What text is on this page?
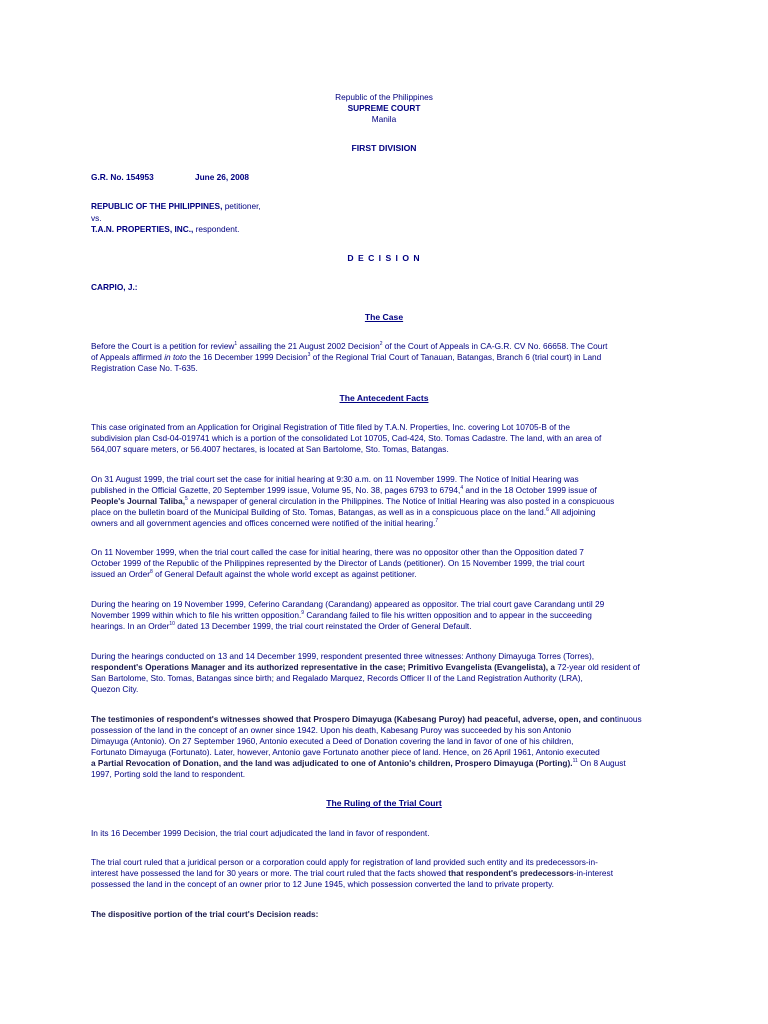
Republic of the Philippines
SUPREME COURT
Manila
FIRST DIVISION
G.R. No. 154953	June 26, 2008
REPUBLIC OF THE PHILIPPINES, petitioner,
vs.
T.A.N. PROPERTIES, INC., respondent.
D E C I S I O N
CARPIO, J.:
The Case
Before the Court is a petition for review$^1$ assailing the 21 August 2002 Decision$^2$ of the Court of Appeals in CA-G.R. CV No. 66658. The Court
of Appeals affirmed in toto the 16 December 1999 Decision$^3$ of the Regional Trial Court of Tanauan, Batangas, Branch 6 (trial court) in Land
Registration Case No. T-635.
The Antecedent Facts
This case originated from an Application for Original Registration of Title filed by T.A.N. Properties, Inc. covering Lot 10705-B of the
subdivision plan Csd-04-019741 which is a portion of the consolidated Lot 10705, Cad-424, Sto. Tomas Cadastre. The land, with an area of
564,007 square meters, or 56.4007 hectares, is located at San Bartolome, Sto. Tomas, Batangas.
On 31 August 1999, the trial court set the case for initial hearing at 9:30 a.m. on 11 November 1999. The Notice of Initial Hearing was
published in the Official Gazette, 20 September 1999 issue, Volume 95, No. 38, pages 6793 to 6794,$^4$ and in the 18 October 1999 issue of
People's Journal Taliba,$^5$ a newspaper of general circulation in the Philippines. The Notice of Initial Hearing was also posted in a conspicuous
place on the bulletin board of the Municipal Building of Sto. Tomas, Batangas, as well as in a conspicuous place on the land.$^6$ All adjoining
owners and all government agencies and offices concerned were notified of the initial hearing.$^7$
On 11 November 1999, when the trial court called the case for initial hearing, there was no oppositor other than the Opposition dated 7
October 1999 of the Republic of the Philippines represented by the Director of Lands (petitioner). On 15 November 1999, the trial court
issued an Order$^8$ of General Default against the whole world except as against petitioner.
During the hearing on 19 November 1999, Ceferino Carandang (Carandang) appeared as oppositor. The trial court gave Carandang until 29
November 1999 within which to file his written opposition.$^9$ Carandang failed to file his written opposition and to appear in the succeeding
hearings. In an Order$^{10}$ dated 13 December 1999, the trial court reinstated the Order of General Default.
During the hearings conducted on 13 and 14 December 1999, respondent presented three witnesses: Anthony Dimayuga Torres (Torres),
respondent's Operations Manager and its authorized representative in the case; Primitivo Evangelista (Evangelista), a 72-year old resident of
San Bartolome, Sto. Tomas, Batangas since birth; and Regalado Marquez, Records Officer II of the Land Registration Authority (LRA),
Quezon City.
The testimonies of respondent's witnesses showed that Prospero Dimayuga (Kabesang Puroy) had peaceful, adverse, open, and continuous
possession of the land in the concept of an owner since 1942. Upon his death, Kabesang Puroy was succeeded by his son Antonio
Dimayuga (Antonio). On 27 September 1960, Antonio executed a Deed of Donation covering the land in favor of one of his children,
Fortunato Dimayuga (Fortunato). Later, however, Antonio gave Fortunato another piece of land. Hence, on 26 April 1961, Antonio executed
a Partial Revocation of Donation, and the land was adjudicated to one of Antonio's children, Prospero Dimayuga (Porting).$^{11}$ On 8 August
1997, Porting sold the land to respondent.
The Ruling of the Trial Court
In its 16 December 1999 Decision, the trial court adjudicated the land in favor of respondent.
The trial court ruled that a juridical person or a corporation could apply for registration of land provided such entity and its predecessors-in-
interest have possessed the land for 30 years or more. The trial court ruled that the facts showed that respondent's predecessors-in-interest
possessed the land in the concept of an owner prior to 12 June 1945, which possession converted the land to private property.
The dispositive portion of the trial court's Decision reads:
